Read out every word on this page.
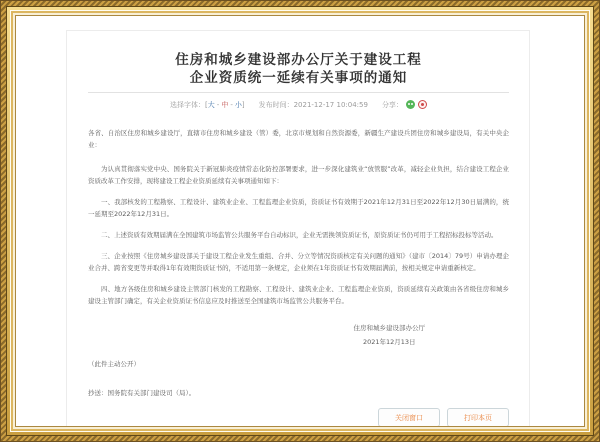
住房和城乡建设部办公厅关于建设工程
企业资质统一延续有关事项的通知
选择字体：[大 - 中 - 小] 发布时间：2021-12-17 10:04:59 分享：

各省、自治区住房和城乡建设厅，直辖市住房和城乡建设（管）委，北京市规划和自然资源委，新疆生产建设兵团住房和城乡建设局，有关中央企业：

为认真贯彻落实党中央、国务院关于新冠肺炎疫情常态化防控部署要求，进一步深化建筑业“放管服”改革，减轻企业负担，结合建设工程企业资质改革工作安排，现将建设工程企业资质延续有关事项通知如下：

一、我部核发的工程勘察、工程设计、建筑业企业、工程监理企业资质，资质证书有效期于2021年12月31日至2022年12月30日届满的，统一延期至2022年12月31日。

二、上述资质有效期届满在全国建筑市场监管公共服务平台自动标识，企业无需换领资质证书，原资质证书仍可用于工程招标投标等活动。

三、企业按照《住房城乡建设部关于建设工程企业发生重组、合并、分立等情况资质核定有关问题的通知》（建市〔2014〕79号）申请办理企业合并、跨省变更等并取得1年有效期资质证书的，不适用第一条规定，企业须在1年资质证书有效期届满前，按相关规定申请重新核定。

四、地方各级住房和城乡建设主管部门核发的工程勘察、工程设计、建筑业企业、工程监理企业资质，资质延续有关政策由各省级住房和城乡建设主管部门确定，有关企业资质证书信息应及时推送至全国建筑市场监管公共服务平台。

住房和城乡建设部办公厅
2021年12月13日
（此件主动公开）
抄送：国务院有关部门建设司（局）。
关闭窗口	打印本页
